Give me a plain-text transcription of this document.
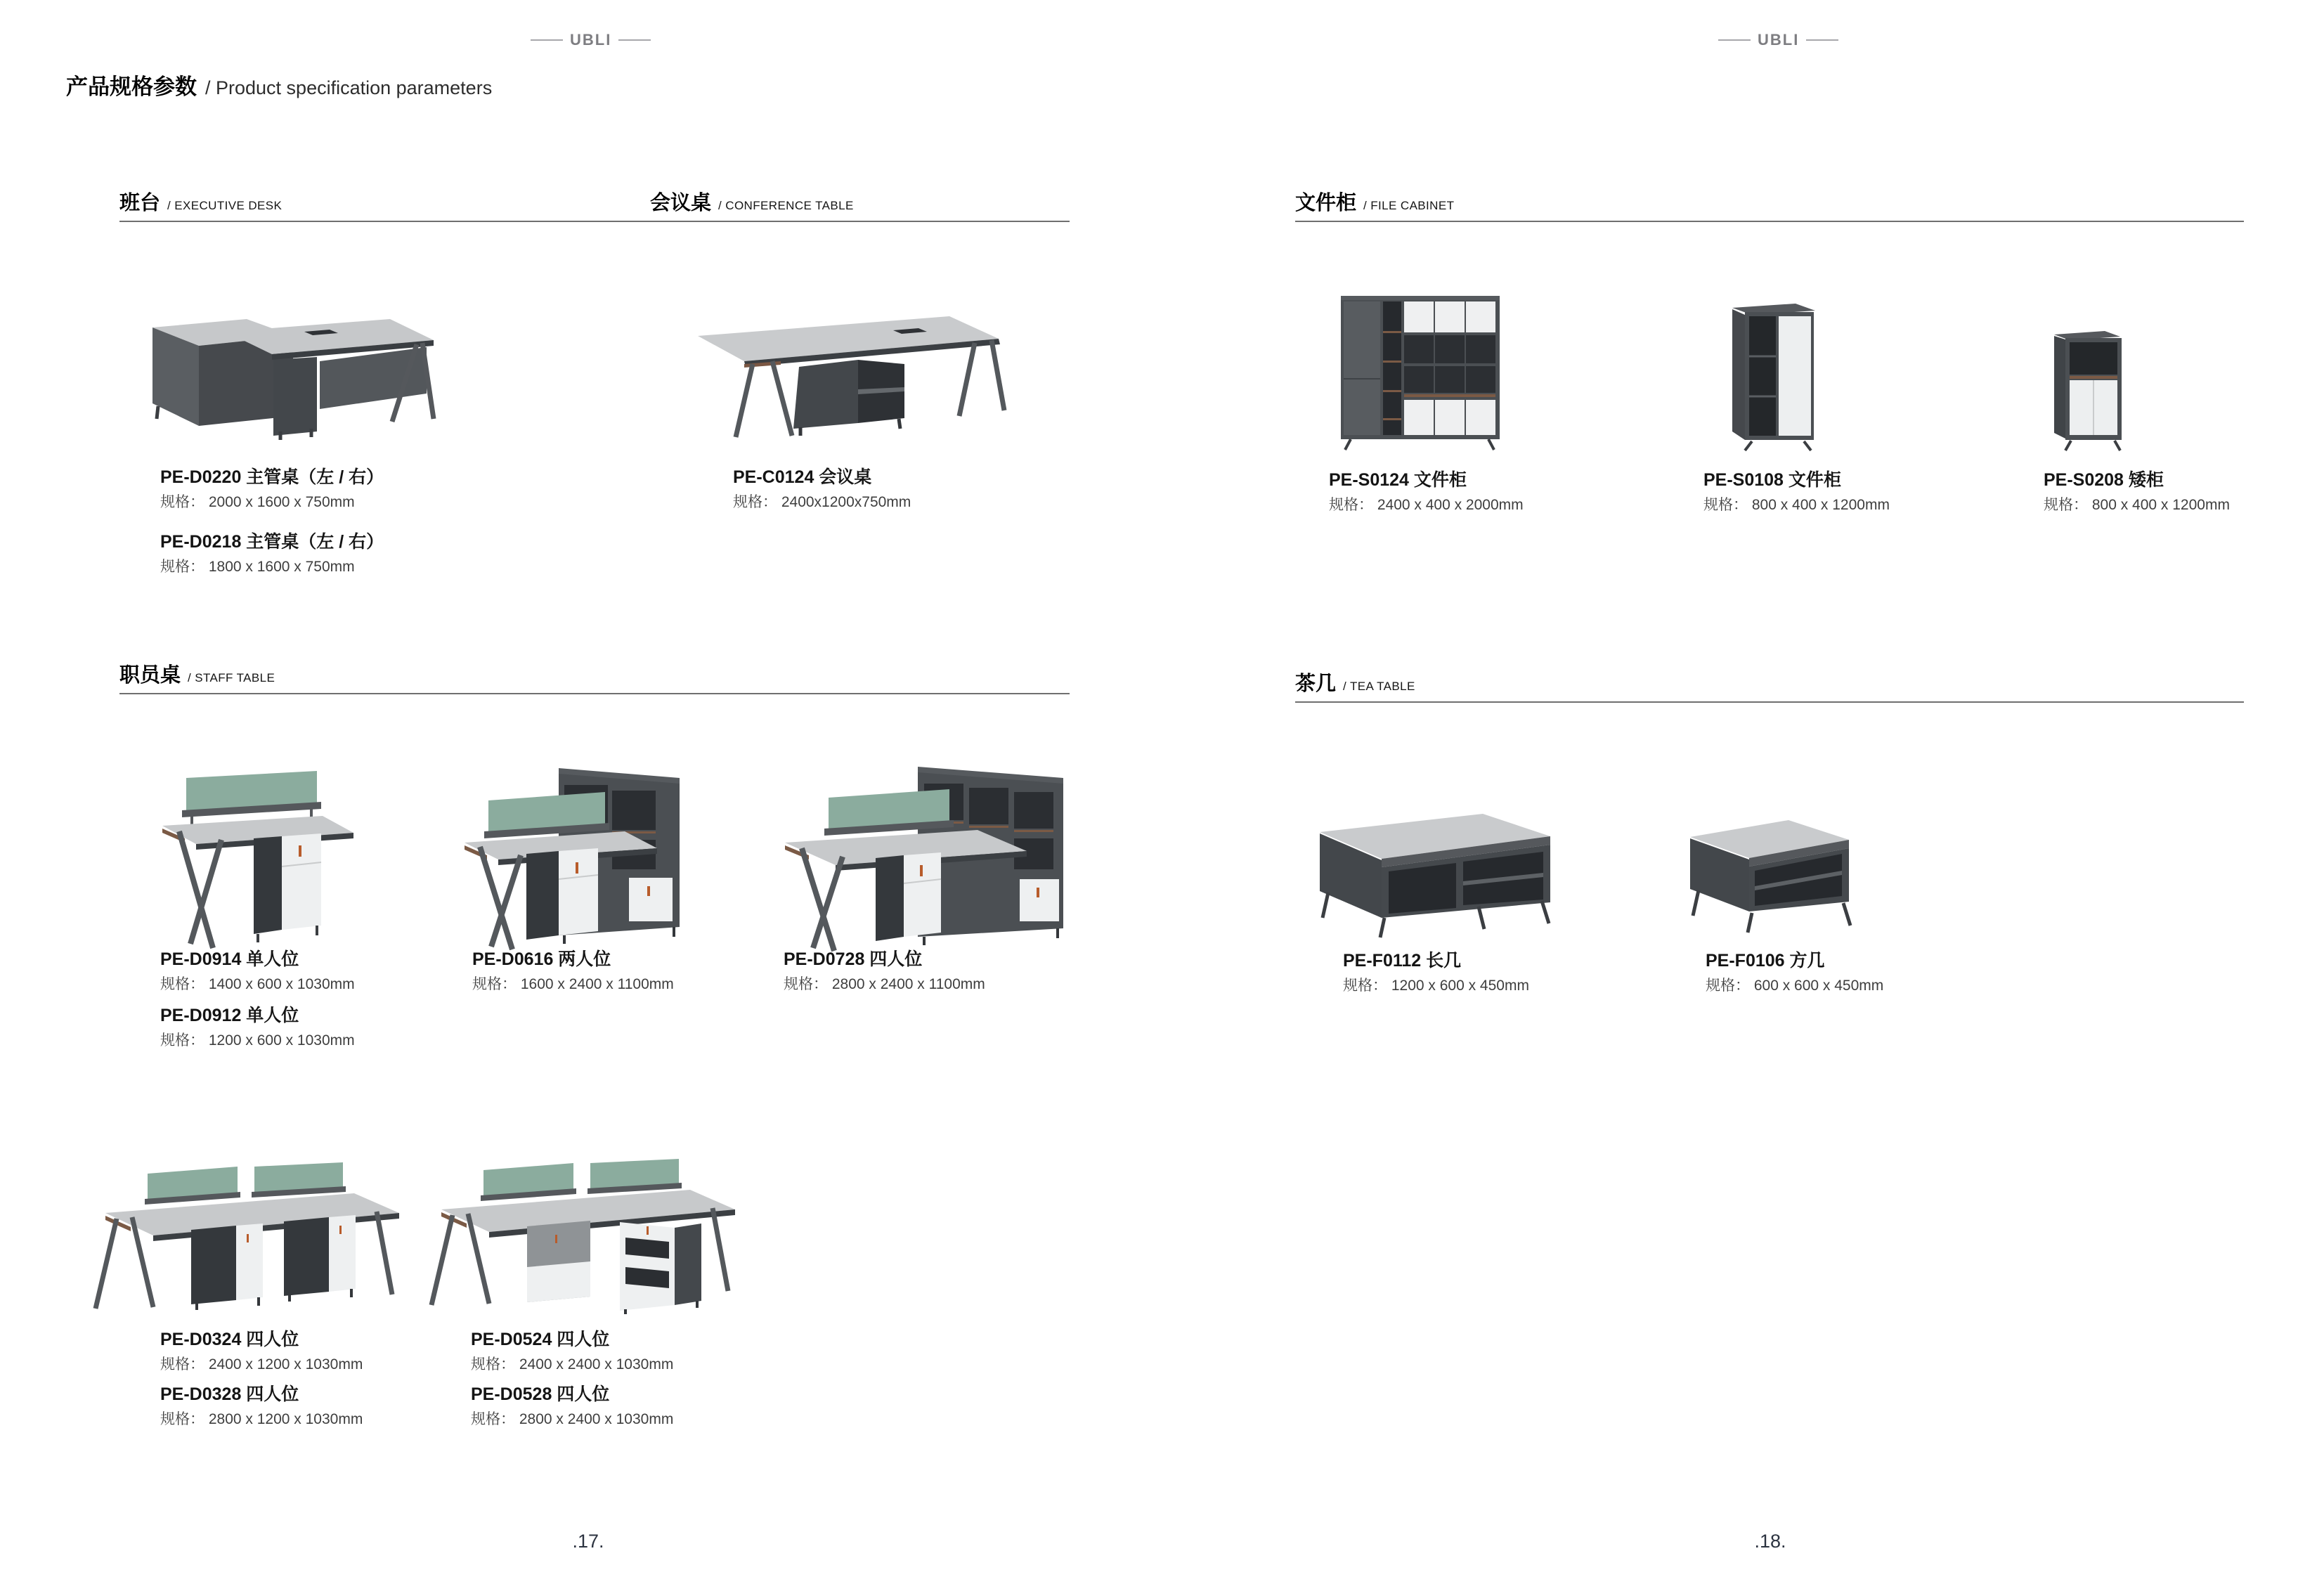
UBLI	UBLI
产品规格参数 / Product specification parameters
班台 / EXECUTIVE DESK	会议桌 / CONFERENCE TABLE	文件柜 / FILE CABINET
职员桌 / STAFF TABLE	茶几 / TEA TABLE
PE-D0220 主管桌（左 / 右）
规格： 2000 x 1600 x 750mm
PE-D0218 主管桌（左 / 右）
规格： 1800 x 1600 x 750mm
PE-C0124 会议桌
规格： 2400x1200x750mm
PE-S0124 文件柜
规格： 2400 x 400 x 2000mm
PE-S0108 文件柜
规格： 800 x 400 x 1200mm
PE-S0208 矮柜
规格： 800 x 400 x 1200mm
PE-D0914 单人位
规格： 1400 x 600 x 1030mm
PE-D0912 单人位
规格： 1200 x 600 x 1030mm
PE-D0616 两人位
规格： 1600 x 2400 x 1100mm
PE-D0728 四人位
规格： 2800 x 2400 x 1100mm
PE-F0112 长几
规格： 1200 x 600 x 450mm
PE-F0106 方几
规格： 600 x 600 x 450mm
PE-D0324 四人位
规格： 2400 x 1200 x 1030mm
PE-D0328 四人位
规格： 2800 x 1200 x 1030mm
PE-D0524 四人位
规格： 2400 x 2400 x 1030mm
PE-D0528 四人位
规格： 2800 x 2400 x 1030mm
.17.	.18.
